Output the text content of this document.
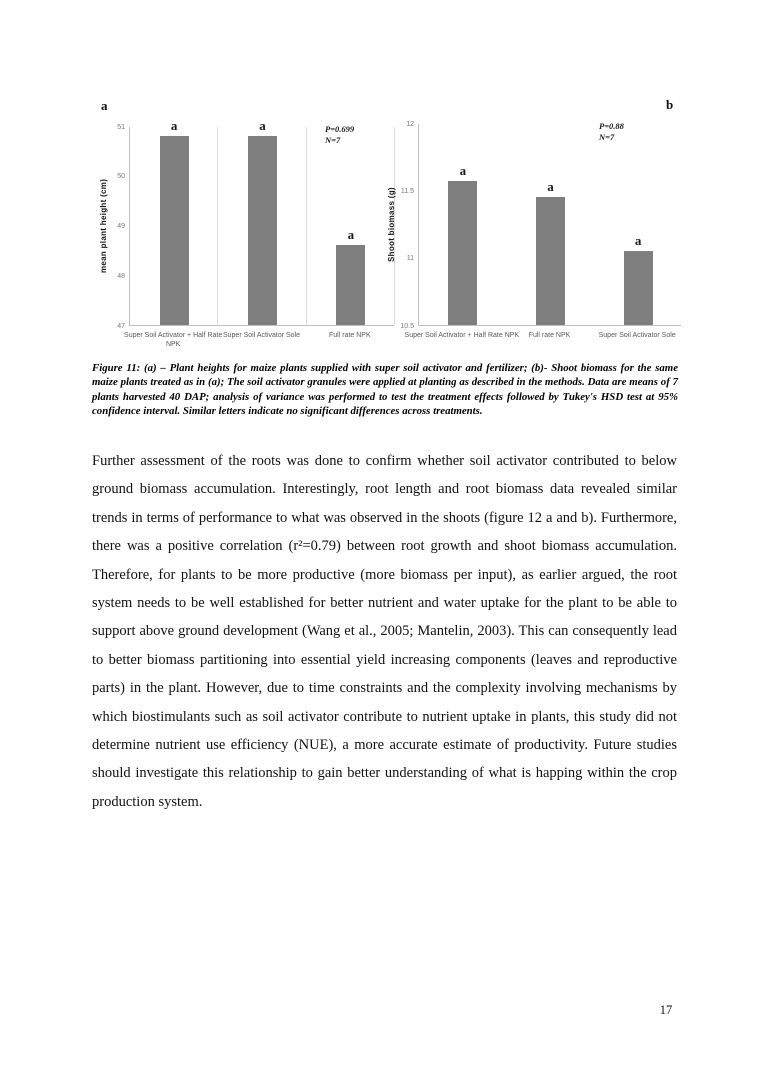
a
mean plant height (cm)
a	a
a
P=0.699
N=7
Super Soil Activator + Half Rate NPK
Super Soil Activator Sole	Full rate NPK
47
48
49
50
51
b
Shoot biomass (g)
a
a
a
P=0.88
N=7
Super Soil Activator + Half Rate NPK	Full rate NPK	Super Soil Activator Sole
10.5
11
11.5
12
Figure 11: (a) – Plant heights for maize plants supplied with super soil activator and fertilizer; (b)- Shoot biomass for the same maize plants treated as in (a); The soil activator granules were applied at planting as described in the methods. Data are means of 7 plants harvested 40 DAP; analysis of variance was performed to test the treatment effects followed by Tukey's HSD test at 95% confidence interval. Similar letters indicate no significant differences across treatments.
Further assessment of the roots was done to confirm whether soil activator contributed to below ground biomass accumulation. Interestingly, root length and root biomass data revealed similar trends in terms of performance to what was observed in the shoots (figure 12 a and b). Furthermore, there was a positive correlation (r²=0.79) between root growth and shoot biomass accumulation. Therefore, for plants to be more productive (more biomass per input), as earlier argued, the root system needs to be well established for better nutrient and water uptake for the plant to be able to support above ground development (Wang et al., 2005; Mantelin, 2003). This can consequently lead to better biomass partitioning into essential yield increasing components (leaves and reproductive parts) in the plant. However, due to time constraints and the complexity involving mechanisms by which biostimulants such as soil activator contribute to nutrient uptake in plants, this study did not determine nutrient use efficiency (NUE), a more accurate estimate of productivity. Future studies should investigate this relationship to gain better understanding of what is happing within the crop production system.
17
